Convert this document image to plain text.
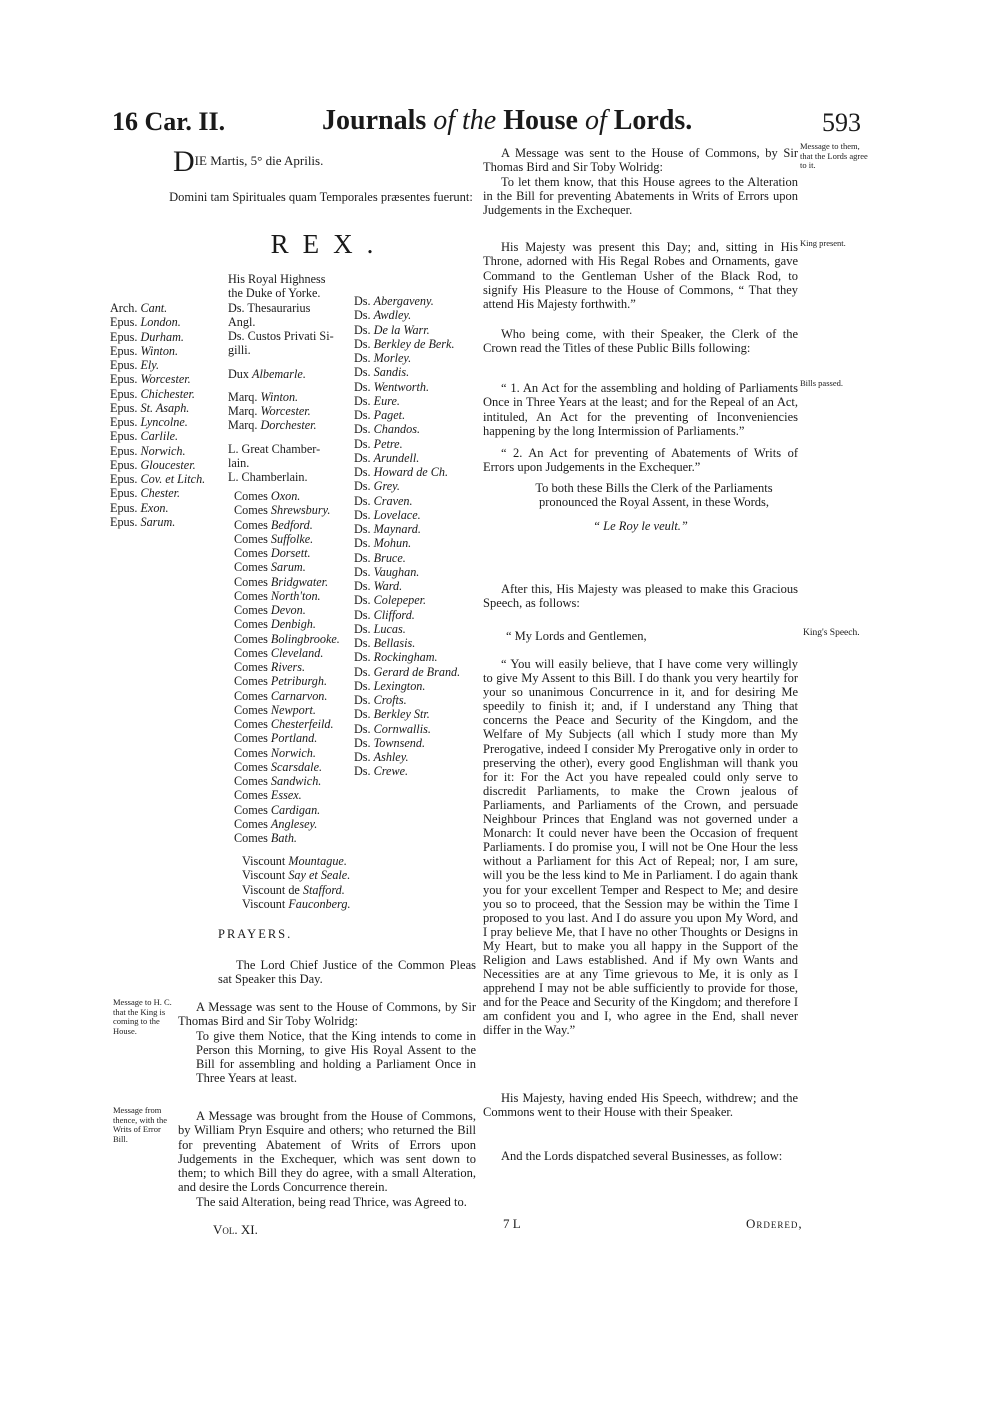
16 Car. II.	Journals of the House of Lords.	593
DIE Martis, 5° die Aprilis.
Domini tam Spirituales quam Temporales præsentes fuerunt:
REX.
Arch. Cant.
Epus. London.
Epus. Durham.
Epus. Winton.
Epus. Ely.
Epus. Worcester.
Epus. Chichester.
Epus. St. Asaph.
Epus. Lyncolne.
Epus. Carlile.
Epus. Norwich.
Epus. Gloucester.
Epus. Cov. et Litch.
Epus. Chester.
Epus. Exon.
Epus. Sarum.
His Royal Highness
the Duke of Yorke.
Ds. Thesaurarius
Angl.
Ds. Custos Privati Si-
gilli.
Dux Albemarle.
Marq. Winton.
Marq. Worcester.
Marq. Dorchester.
L. Great Chamber-
lain.
L. Chamberlain.
Comes Oxon.
Comes Shrewsbury.
Comes Bedford.
Comes Suffolke.
Comes Dorsett.
Comes Sarum.
Comes Bridgwater.
Comes North'ton.
Comes Devon.
Comes Denbigh.
Comes Bolingbrooke.
Comes Cleveland.
Comes Rivers.
Comes Petriburgh.
Comes Carnarvon.
Comes Newport.
Comes Chesterfeild.
Comes Portland.
Comes Norwich.
Comes Scarsdale.
Comes Sandwich.
Comes Essex.
Comes Cardigan.
Comes Anglesey.
Comes Bath.
Viscount Mountague.
Viscount Say et Seale.
Viscount de Stafford.
Viscount Fauconberg.
Ds. Abergaveny.
Ds. Awdley.
Ds. De la Warr.
Ds. Berkley de Berk.
Ds. Morley.
Ds. Sandis.
Ds. Wentworth.
Ds. Eure.
Ds. Paget.
Ds. Chandos.
Ds. Petre.
Ds. Arundell.
Ds. Howard de Ch.
Ds. Grey.
Ds. Craven.
Ds. Lovelace.
Ds. Maynard.
Ds. Mohun.
Ds. Bruce.
Ds. Vaughan.
Ds. Ward.
Ds. Colepeper.
Ds. Clifford.
Ds. Lucas.
Ds. Bellasis.
Ds. Rockingham.
Ds. Gerard de Brand.
Ds. Lexington.
Ds. Crofts.
Ds. Berkley Str.
Ds. Cornwallis.
Ds. Townsend.
Ds. Ashley.
Ds. Crewe.
PRAYERS.

The Lord Chief Justice of the Common Pleas sat Speaker this Day.

Message to H. C. that the King is coming to the House.

A Message was sent to the House of Commons, by Sir Thomas Bird and Sir Toby Wolridg:

To give them Notice, that the King intends to come in Person this Morning, to give His Royal Assent to the Bill for assembling and holding a Parliament Once in Three Years at least.

Message from thence, with the Writs of Error Bill.

A Message was brought from the House of Commons, by William Pryn Esquire and others; who returned the Bill for preventing Abatement of Writs of Errors upon Judgements in the Exchequer, which was sent down to them; to which Bill they do agree, with a small Alteration, and desire the Lords Concurrence therein.

The said Alteration, being read Thrice, was Agreed to.

Vol. XI.
Message to them, that the Lords agree to it.

A Message was sent to the House of Commons, by Sir Thomas Bird and Sir Toby Wolridg:

To let them know, that this House agrees to the Alteration in the Bill for preventing Abatements in Writs of Errors upon Judgements in the Exchequer.

King present.

His Majesty was present this Day; and, sitting in His Throne, adorned with His Regal Robes and Ornaments, gave Command to the Gentleman Usher of the Black Rod, to signify His Pleasure to the House of Commons, “ That they attend His Majesty forthwith.”

Who being come, with their Speaker, the Clerk of the Crown read the Titles of these Public Bills following:

Bills passed.

“ 1. An Act for the assembling and holding of Parliaments Once in Three Years at the least; and for the Repeal of an Act, intituled, An Act for the preventing of Inconveniencies happening by the long Intermission of Parliaments.”

“ 2. An Act for preventing of Abatements of Writs of Errors upon Judgements in the Exchequer.”

To both these Bills the Clerk of the Parliaments pronounced the Royal Assent, in these Words,
“ Le Roy le veult.”

After this, His Majesty was pleased to make this Gracious Speech, as follows:

“ My Lords and Gentlemen,	King's Speech.

“ You will easily believe, that I have come very willingly to give My Assent to this Bill. I do thank you very heartily for your so unanimous Concurrence in it, and for desiring Me speedily to finish it; and, if I understand any Thing that concerns the Peace and Security of the Kingdom, and the Welfare of My Subjects (all which I study more than My Prerogative, indeed I consider My Prerogative only in order to preserving the other), every good Englishman will thank you for it: For the Act you have repealed could only serve to discredit Parliaments, to make the Crown jealous of Parliaments, and Parliaments of the Crown, and persuade Neighbour Princes that England was not governed under a Monarch: It could never have been the Occasion of frequent Parliaments. I do promise you, I will not be One Hour the less without a Parliament for this Act of Repeal; nor, I am sure, will you be the less kind to Me in Parliament. I do again thank you for your excellent Temper and Respect to Me; and desire you so to proceed, that the Session may be within the Time I proposed to you last. And I do assure you upon My Word, and I pray believe Me, that I have no other Thoughts or Designs in My Heart, but to make you all happy in the Support of the Religion and Laws established. And if My own Wants and Necessities are at any Time grievous to Me, it is only as I apprehend I may not be able sufficiently to provide for those, and for the Peace and Security of the Kingdom; and therefore I am confident you and I, who agree in the End, shall never differ in the Way.”

His Majesty, having ended His Speech, withdrew; and the Commons went to their House with their Speaker.

And the Lords dispatched several Businesses, as follow:

7 L	Ordered,
